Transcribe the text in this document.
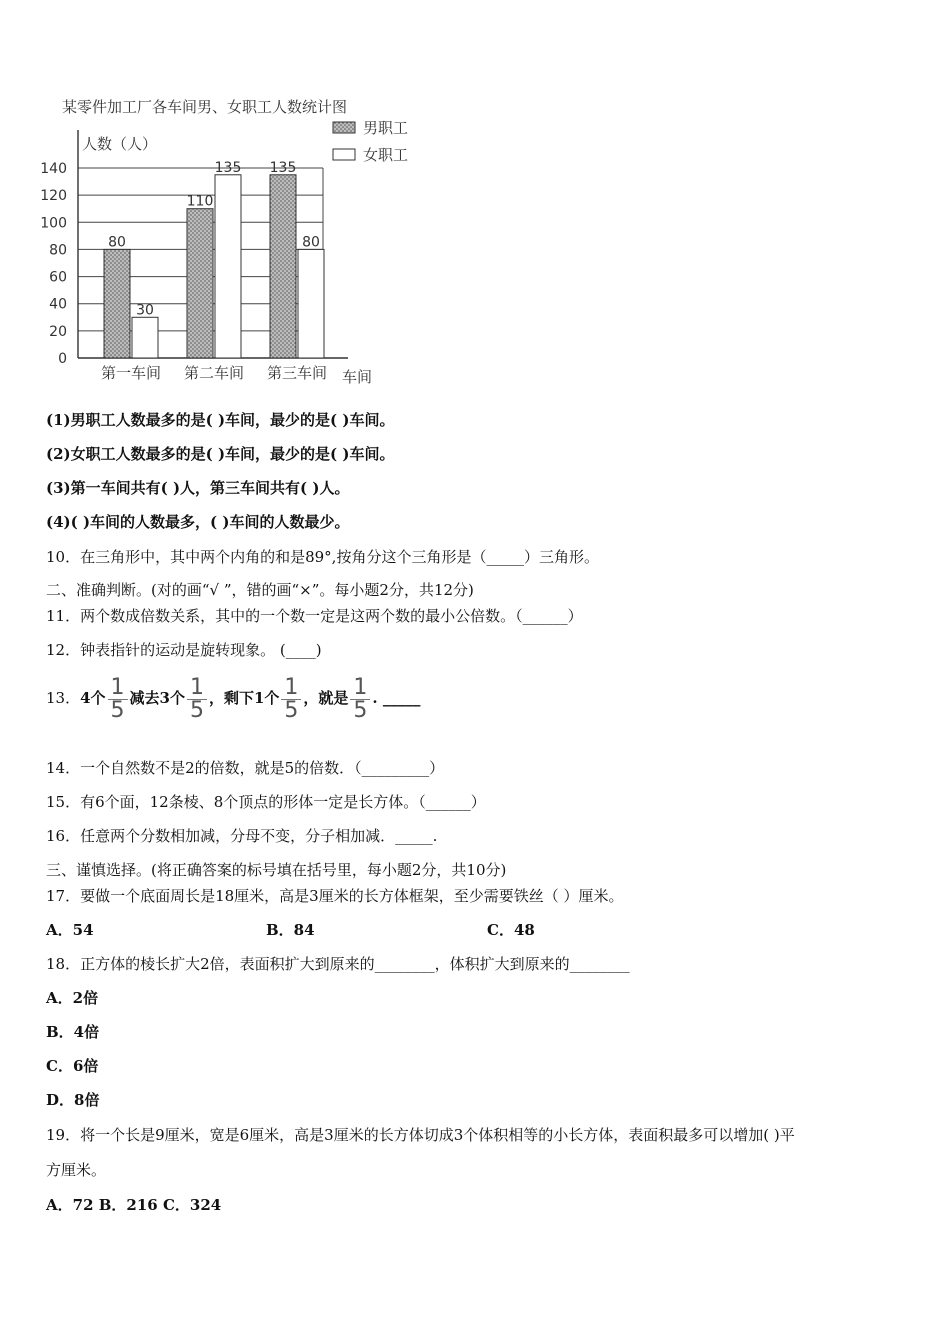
某零件加工厂各车间男、女职工人数统计图
人数（人）
0
20
40
60
80
100
120
140
80
30
第一车间
110
135
第二车间
135
80
第三车间 车间
男职工
女职工
(1)男职工人数最多的是( )车间，最少的是( )车间。
(2)女职工人数最多的是( )车间，最少的是( )车间。
(3)第一车间共有( )人，第三车间共有( )人。
(4)( )车间的人数最多，( )车间的人数最少。
10．在三角形中，其中两个内角的和是89°,按角分这个三角形是（_____）三角形。
二、准确判断。(对的画“√ ”，错的画“×”。每小题2分，共12分)
11．两个数成倍数关系，其中的一个数一定是这两个数的最小公倍数。（______）
12．钟表指针的运动是旋转现象。 (____)
13．4个 $\frac{1}{5}$ 减去3个 $\frac{1}{5}$ ，剩下1个 $\frac{1}{5}$ ，就是 $\frac{1}{5}$ . _____
14．一个自然数不是2的倍数，就是5的倍数．（_________）
15．有6个面，12条棱、8个顶点的形体一定是长方体。（______）
16．任意两个分数相加减，分母不变，分子相加减．_____.
三、谨慎选择。(将正确答案的标号填在括号里，每小题2分，共10分)
17．要做一个底面周长是18厘米，高是3厘米的长方体框架，至少需要铁丝（ ）厘米。
A．54	B．84	C．48
18．正方体的棱长扩大2倍，表面积扩大到原来的________，体积扩大到原来的________
A．2倍
B．4倍
C．6倍
D．8倍
19．将一个长是9厘米，宽是6厘米，高是3厘米的长方体切成3个体积相等的小长方体，表面积最多可以增加( )平
方厘米。
A．72 B．216 C．324
